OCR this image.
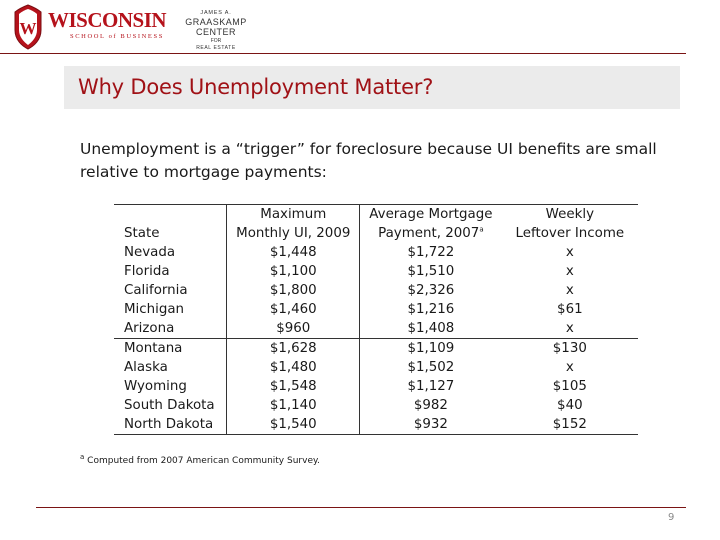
W WISCONSIN
SCHOOL of BUSINESS
JAMES A.
GRAASKAMP CENTER
FOR
REAL ESTATE
Why Does Unemployment Matter?
Unemployment is a “trigger” for foreclosure because UI benefits are small relative to mortgage payments:
	Maximum	Average Mortgage	Weekly
State	Monthly UI, 2009	Payment, 2007$^a$	Leftover Income
Nevada	$1,448	$1,722	x
Florida	$1,100	$1,510	x
California	$1,800	$2,326	x
Michigan	$1,460	$1,216	$61
Arizona	$960	$1,408	x
Montana	$1,628	$1,109	$130
Alaska	$1,480	$1,502	x
Wyoming	$1,548	$1,127	$105
South Dakota	$1,140	$982	$40
North Dakota	$1,540	$932	$152
$^a$ Computed from 2007 American Community Survey.
9
